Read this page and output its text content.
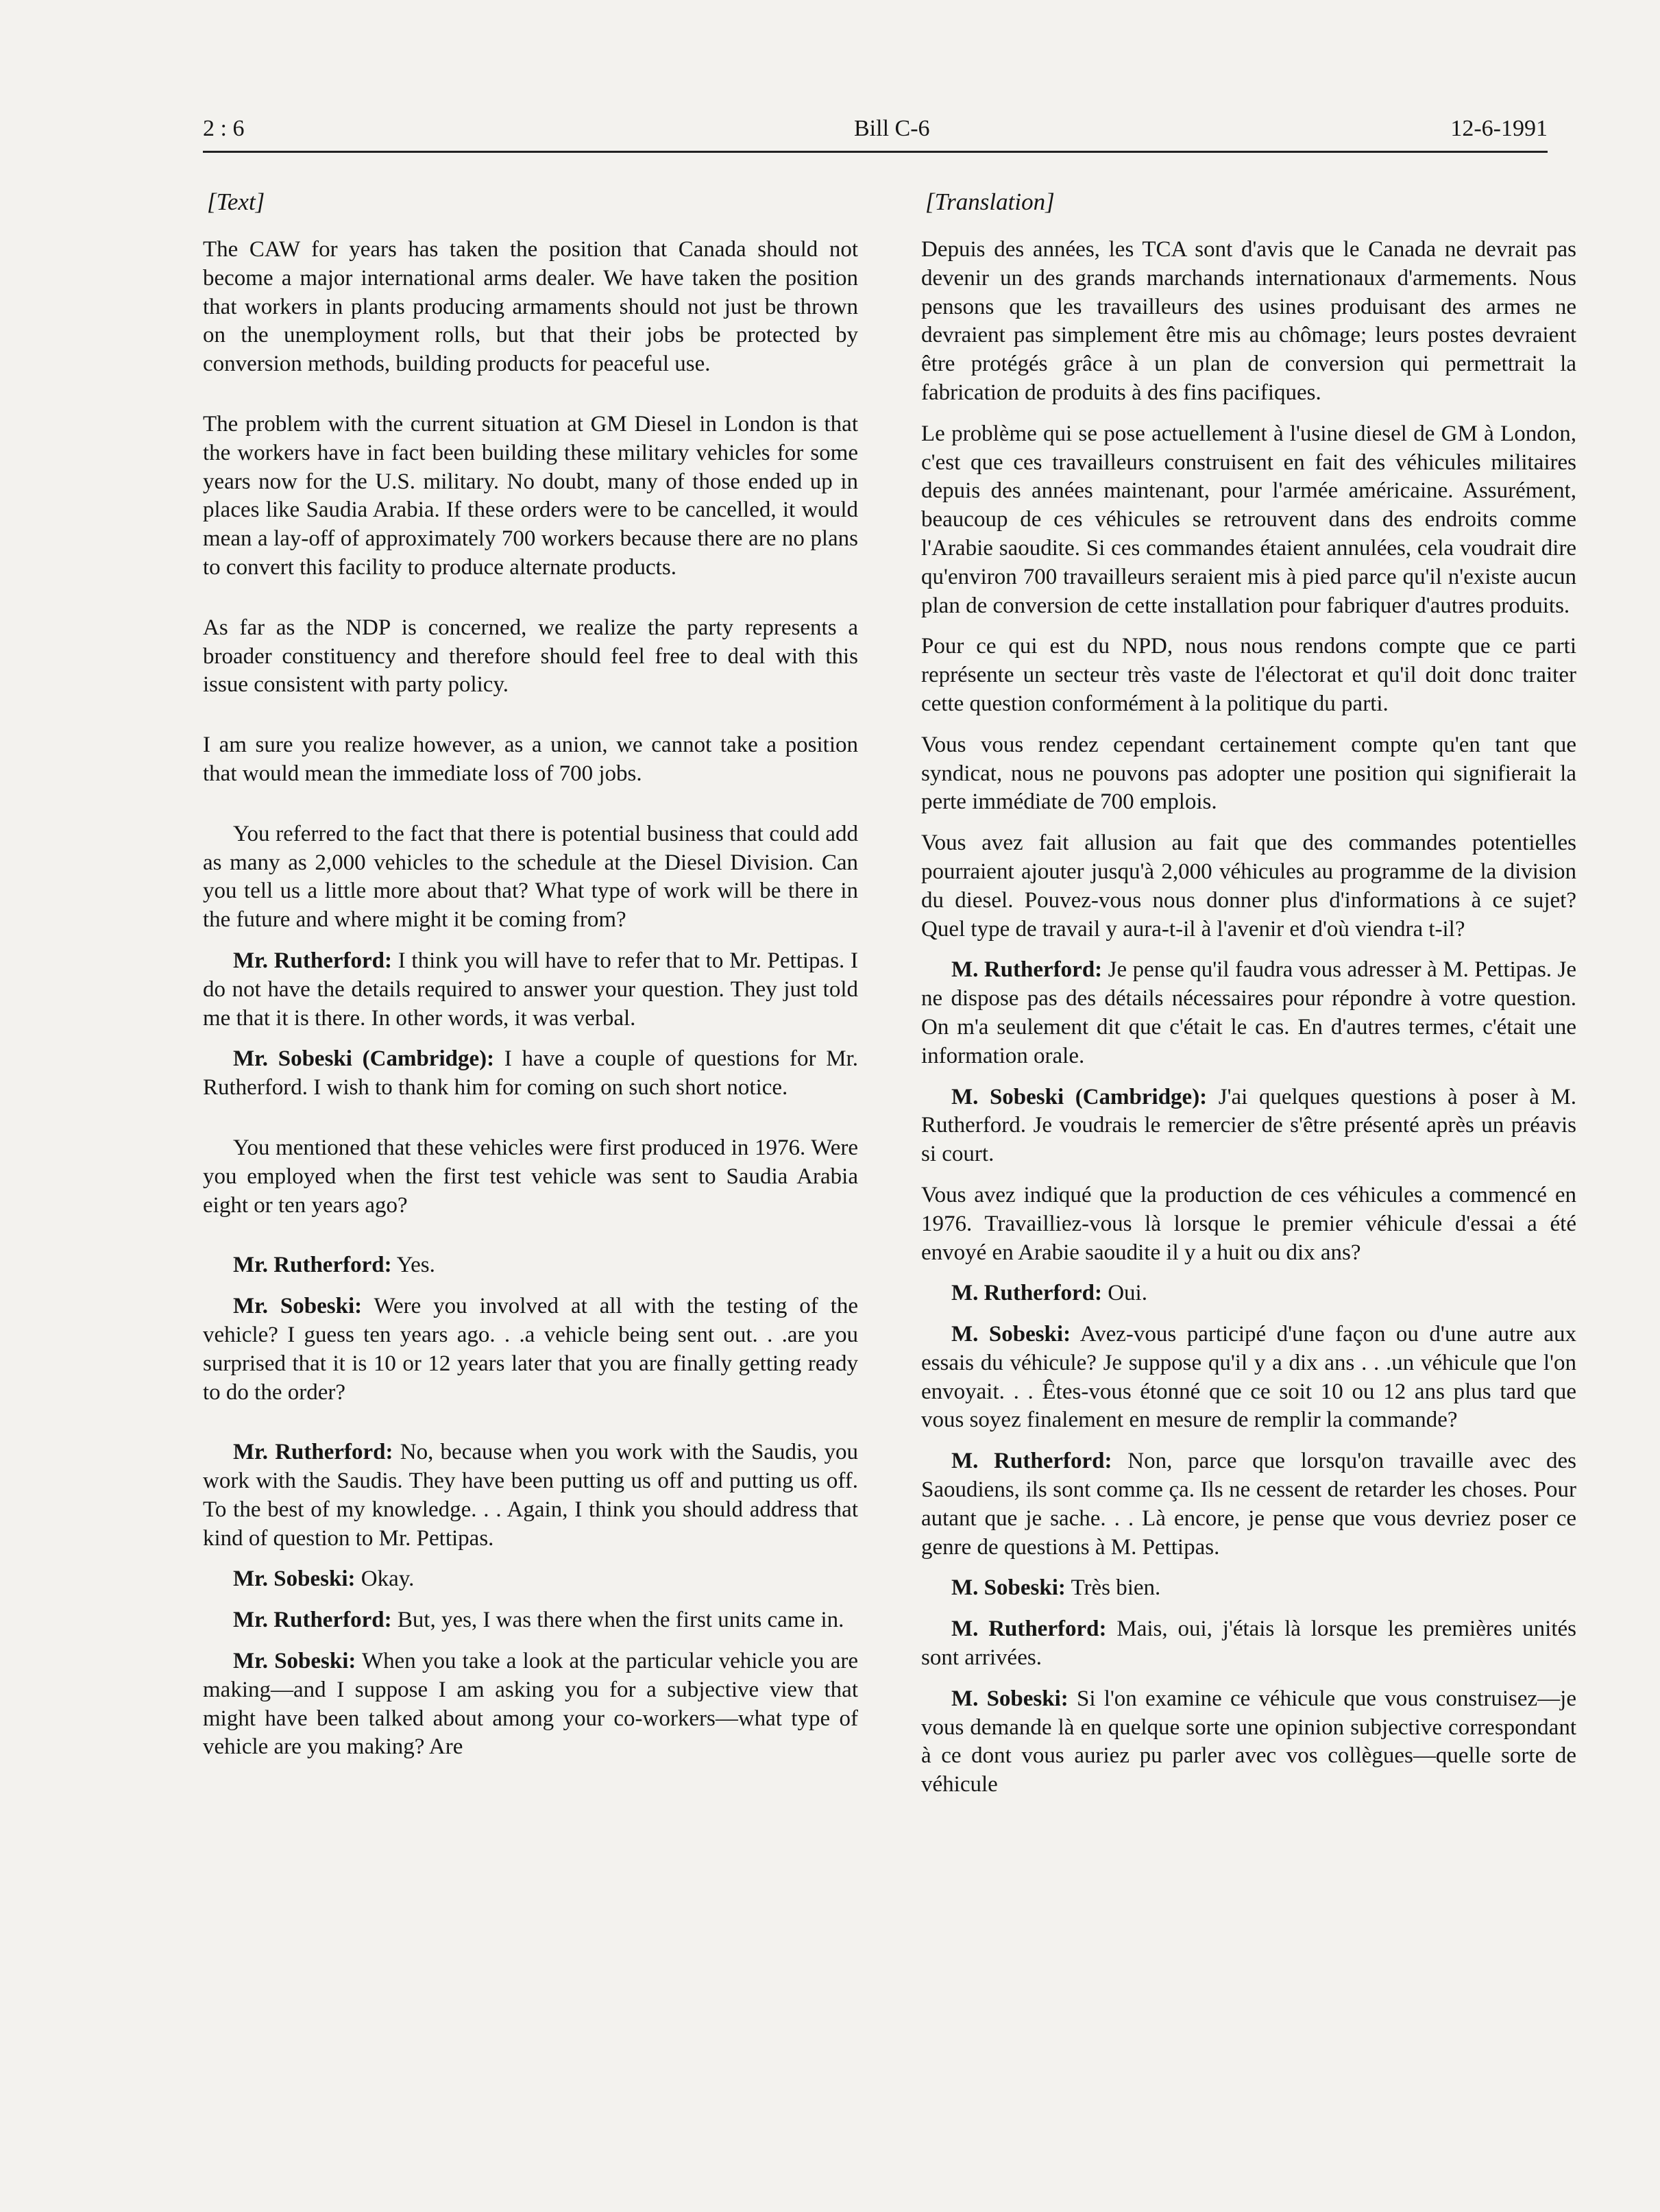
2 : 6	Bill C-6	12-6-1991
[Text]

The CAW for years has taken the position that Canada should not become a major international arms dealer. We have taken the position that workers in plants producing armaments should not just be thrown on the unemployment rolls, but that their jobs be protected by conversion methods, building products for peaceful use.

The problem with the current situation at GM Diesel in London is that the workers have in fact been building these military vehicles for some years now for the U.S. military. No doubt, many of those ended up in places like Saudia Arabia. If these orders were to be cancelled, it would mean a lay-off of approximately 700 workers because there are no plans to convert this facility to produce alternate products.

As far as the NDP is concerned, we realize the party represents a broader constituency and therefore should feel free to deal with this issue consistent with party policy.

I am sure you realize however, as a union, we cannot take a position that would mean the immediate loss of 700 jobs.

You referred to the fact that there is potential business that could add as many as 2,000 vehicles to the schedule at the Diesel Division. Can you tell us a little more about that? What type of work will be there in the future and where might it be coming from?

Mr. Rutherford: I think you will have to refer that to Mr. Pettipas. I do not have the details required to answer your question. They just told me that it is there. In other words, it was verbal.

Mr. Sobeski (Cambridge): I have a couple of questions for Mr. Rutherford. I wish to thank him for coming on such short notice.

You mentioned that these vehicles were first produced in 1976. Were you employed when the first test vehicle was sent to Saudia Arabia eight or ten years ago?

Mr. Rutherford: Yes.

Mr. Sobeski: Were you involved at all with the testing of the vehicle? I guess ten years ago. . .a vehicle being sent out. . .are you surprised that it is 10 or 12 years later that you are finally getting ready to do the order?

Mr. Rutherford: No, because when you work with the Saudis, you work with the Saudis. They have been putting us off and putting us off. To the best of my knowledge. . . Again, I think you should address that kind of question to Mr. Pettipas.

Mr. Sobeski: Okay.

Mr. Rutherford: But, yes, I was there when the first units came in.

Mr. Sobeski: When you take a look at the particular vehicle you are making—and I suppose I am asking you for a subjective view that might have been talked about among your co-workers—what type of vehicle are you making? Are

[Translation]

Depuis des années, les TCA sont d'avis que le Canada ne devrait pas devenir un des grands marchands internationaux d'armements. Nous pensons que les travailleurs des usines produisant des armes ne devraient pas simplement être mis au chômage; leurs postes devraient être protégés grâce à un plan de conversion qui permettrait la fabrication de produits à des fins pacifiques.

Le problème qui se pose actuellement à l'usine diesel de GM à London, c'est que ces travailleurs construisent en fait des véhicules militaires depuis des années maintenant, pour l'armée américaine. Assurément, beaucoup de ces véhicules se retrouvent dans des endroits comme l'Arabie saoudite. Si ces commandes étaient annulées, cela voudrait dire qu'environ 700 travailleurs seraient mis à pied parce qu'il n'existe aucun plan de conversion de cette installation pour fabriquer d'autres produits.

Pour ce qui est du NPD, nous nous rendons compte que ce parti représente un secteur très vaste de l'électorat et qu'il doit donc traiter cette question conformément à la politique du parti.

Vous vous rendez cependant certainement compte qu'en tant que syndicat, nous ne pouvons pas adopter une position qui signifierait la perte immédiate de 700 emplois.

Vous avez fait allusion au fait que des commandes potentielles pourraient ajouter jusqu'à 2,000 véhicules au programme de la division du diesel. Pouvez-vous nous donner plus d'informations à ce sujet? Quel type de travail y aura-t-il à l'avenir et d'où viendra t-il?

M. Rutherford: Je pense qu'il faudra vous adresser à M. Pettipas. Je ne dispose pas des détails nécessaires pour répondre à votre question. On m'a seulement dit que c'était le cas. En d'autres termes, c'était une information orale.

M. Sobeski (Cambridge): J'ai quelques questions à poser à M. Rutherford. Je voudrais le remercier de s'être présenté après un préavis si court.

Vous avez indiqué que la production de ces véhicules a commencé en 1976. Travailliez-vous là lorsque le premier véhicule d'essai a été envoyé en Arabie saoudite il y a huit ou dix ans?

M. Rutherford: Oui.

M. Sobeski: Avez-vous participé d'une façon ou d'une autre aux essais du véhicule? Je suppose qu'il y a dix ans . . .un véhicule que l'on envoyait. . . Êtes-vous étonné que ce soit 10 ou 12 ans plus tard que vous soyez finalement en mesure de remplir la commande?

M. Rutherford: Non, parce que lorsqu'on travaille avec des Saoudiens, ils sont comme ça. Ils ne cessent de retarder les choses. Pour autant que je sache. . . Là encore, je pense que vous devriez poser ce genre de questions à M. Pettipas.

M. Sobeski: Très bien.

M. Rutherford: Mais, oui, j'étais là lorsque les premières unités sont arrivées.

M. Sobeski: Si l'on examine ce véhicule que vous construisez—je vous demande là en quelque sorte une opinion subjective correspondant à ce dont vous auriez pu parler avec vos collègues—quelle sorte de véhicule
